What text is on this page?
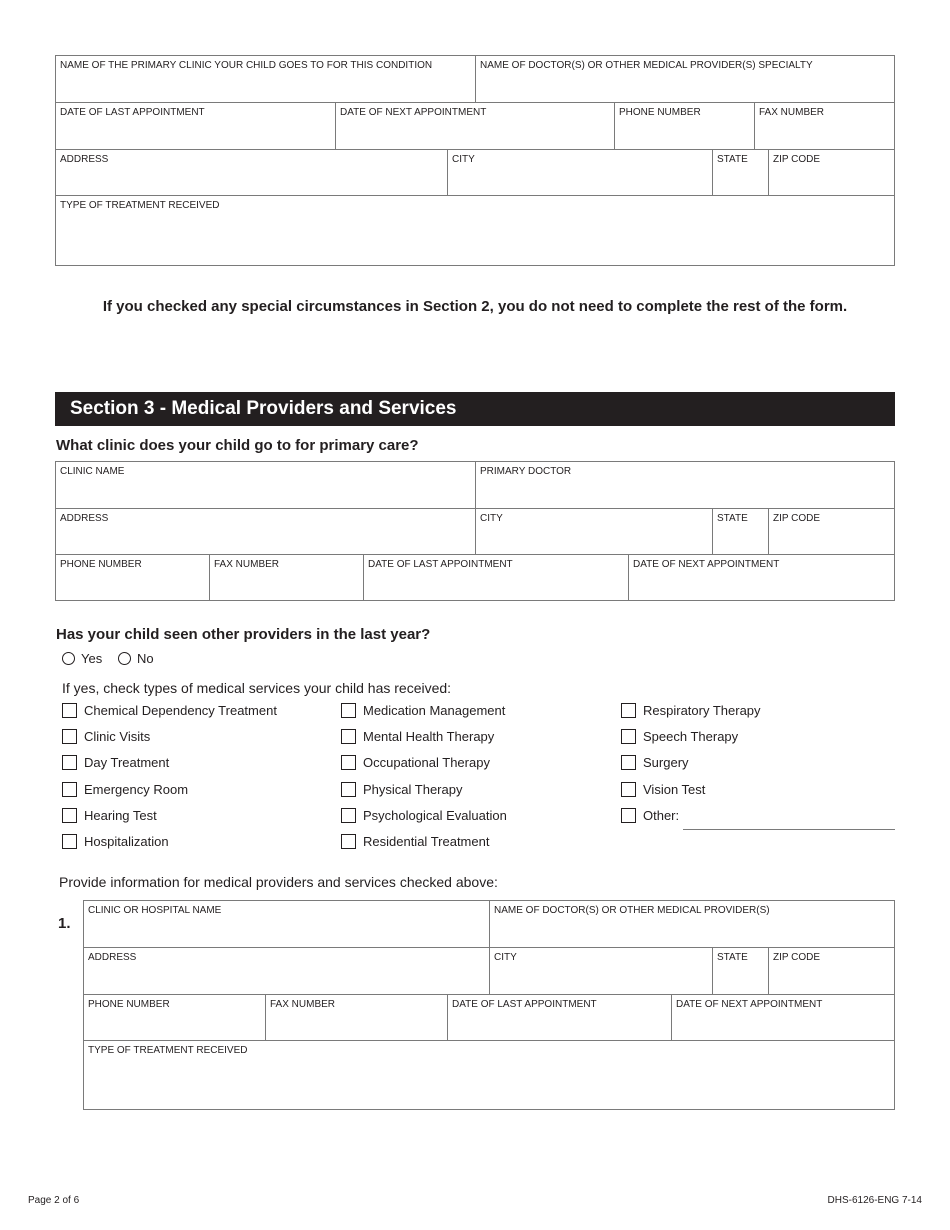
NAME OF THE PRIMARY CLINIC YOUR CHILD GOES TO FOR THIS CONDITION	NAME OF DOCTOR(S) OR OTHER MEDICAL PROVIDER(S) SPECIALTY
DATE OF LAST APPOINTMENT	DATE OF NEXT APPOINTMENT	PHONE NUMBER	FAX NUMBER
ADDRESS	CITY	STATE	ZIP CODE
TYPE OF TREATMENT RECEIVED
If you checked any special circumstances in Section 2, you do not need to complete the rest of the form.
Section 3 - Medical Providers and Services
What clinic does your child go to for primary care?
CLINIC NAME	PRIMARY DOCTOR
ADDRESS	CITY	STATE	ZIP CODE
PHONE NUMBER	FAX NUMBER	DATE OF LAST APPOINTMENT	DATE OF NEXT APPOINTMENT
Has your child seen other providers in the last year?
Yes	No
If yes, check types of medical services your child has received:
Chemical Dependency Treatment
Clinic Visits
Day Treatment
Emergency Room
Hearing Test
Hospitalization
Medication Management
Mental Health Therapy
Occupational Therapy
Physical Therapy
Psychological Evaluation
Residential Treatment
Respiratory Therapy
Speech Therapy
Surgery
Vision Test
Other:
Provide information for medical providers and services checked above:
1.
CLINIC OR HOSPITAL NAME	NAME OF DOCTOR(S) OR OTHER MEDICAL PROVIDER(S)
ADDRESS	CITY	STATE	ZIP CODE
PHONE NUMBER	FAX NUMBER	DATE OF LAST APPOINTMENT	DATE OF NEXT APPOINTMENT
TYPE OF TREATMENT RECEIVED
Page 2 of 6	DHS-6126-ENG 7-14
